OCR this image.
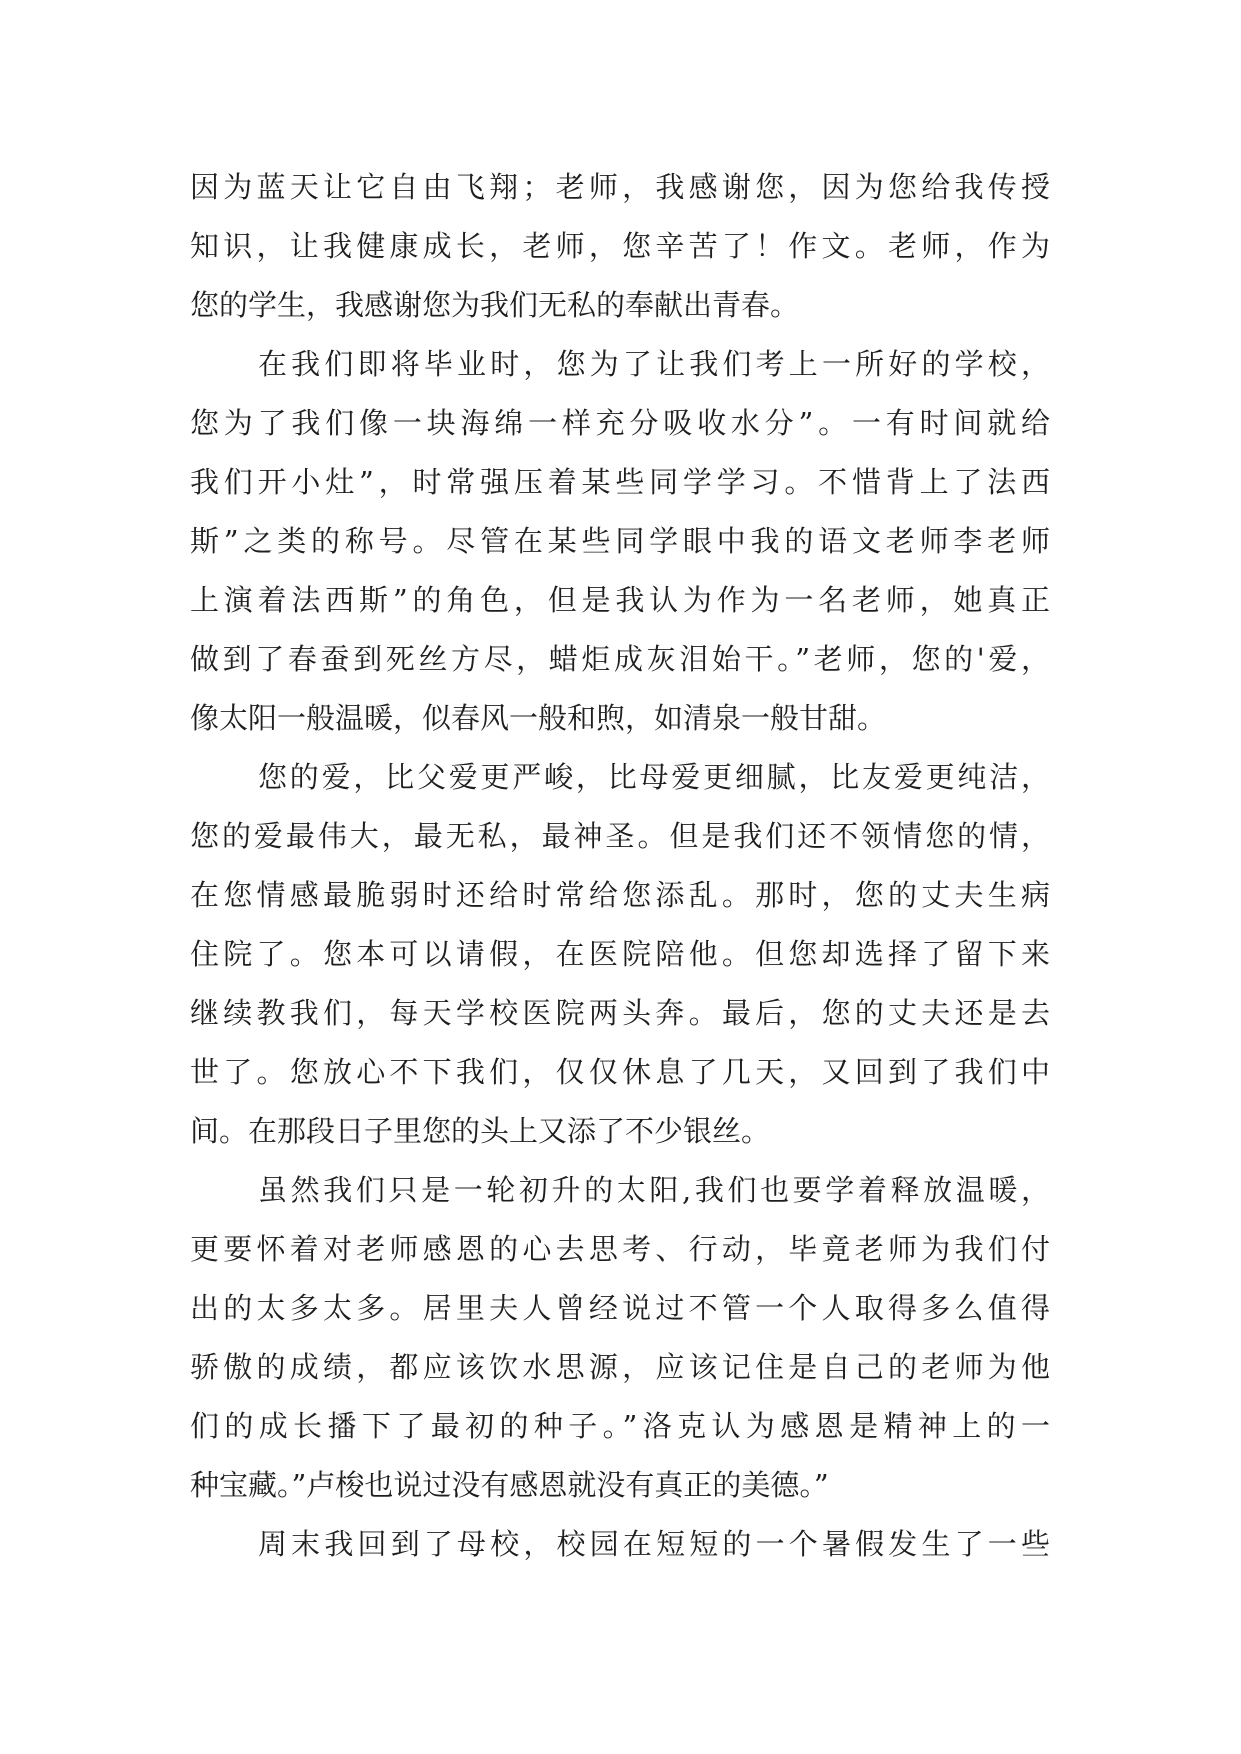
因为蓝天让它自由飞翔；老师，我感谢您，因为您给我传授
知识，让我健康成长，老师，您辛苦了！作文。老师，作为
您的学生，我感谢您为我们无私的奉献出青春。
在我们即将毕业时，您为了让我们考上一所好的学校，
您为了我们像一块海绵一样充分吸收水分”。一有时间就给
我们开小灶”，时常强压着某些同学学习。不惜背上了法西
斯”之类的称号。尽管在某些同学眼中我的语文老师李老师
上演着法西斯”的角色，但是我认为作为一名老师，她真正
做到了春蚕到死丝方尽，蜡炬成灰泪始干。”老师，您的'爱，
像太阳一般温暖，似春风一般和煦，如清泉一般甘甜。
您的爱，比父爱更严峻，比母爱更细腻，比友爱更纯洁，
您的爱最伟大，最无私，最神圣。但是我们还不领情您的情，
在您情感最脆弱时还给时常给您添乱。那时，您的丈夫生病
住院了。您本可以请假，在医院陪他。但您却选择了留下来
继续教我们，每天学校医院两头奔。最后，您的丈夫还是去
世了。您放心不下我们，仅仅休息了几天，又回到了我们中
间。在那段日子里您的头上又添了不少银丝。
虽然我们只是一轮初升的太阳,我们也要学着释放温暖，
更要怀着对老师感恩的心去思考、行动，毕竟老师为我们付
出的太多太多。居里夫人曾经说过不管一个人取得多么值得
骄傲的成绩，都应该饮水思源，应该记住是自己的老师为他
们的成长播下了最初的种子。”洛克认为感恩是精神上的一
种宝藏。”卢梭也说过没有感恩就没有真正的美德。”
周末我回到了母校，校园在短短的一个暑假发生了一些
